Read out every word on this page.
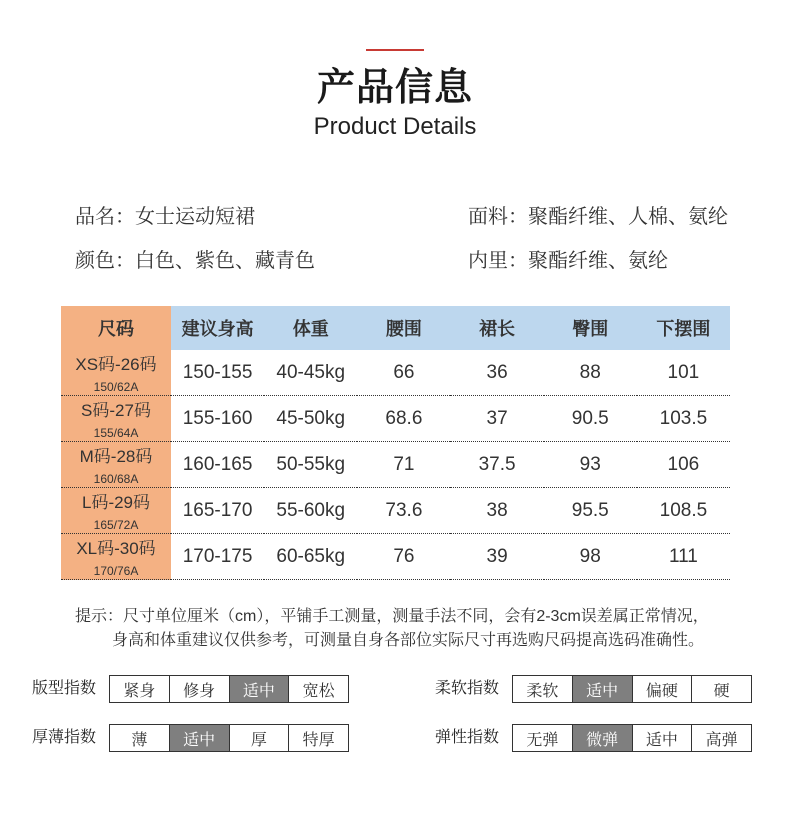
产品信息
Product Details
品名：女士运动短裙	面料：聚酯纤维、人棉、氨纶
颜色：白色、紫色、藏青色	内里：聚酯纤维、氨纶
尺码	建议身高	体重	腰围	裙长	臀围	下摆围
XS码-26码
150/62A
150-155	40-45kg	66	36	88	101
S码-27码
155/64A
155-160	45-50kg	68.6	37	90.5	103.5
M码-28码
160/68A
160-165	50-55kg	71	37.5	93	106
L码-29码
165/72A
165-170	55-60kg	73.6	38	95.5	108.5
XL码-30码
170/76A
170-175	60-65kg	76	39	98	111
提示：尺寸单位厘米（cm），平铺手工测量，测量手法不同，会有2-3cm误差属正常情况，
身高和体重建议仅供参考，可测量自身各部位实际尺寸再选购尺码提高选码准确性。
版型指数	紧身	修身	适中	宽松	柔软指数	柔软	适中	偏硬	硬
厚薄指数	薄	适中	厚	特厚	弹性指数	无弹	微弹	适中	高弹
